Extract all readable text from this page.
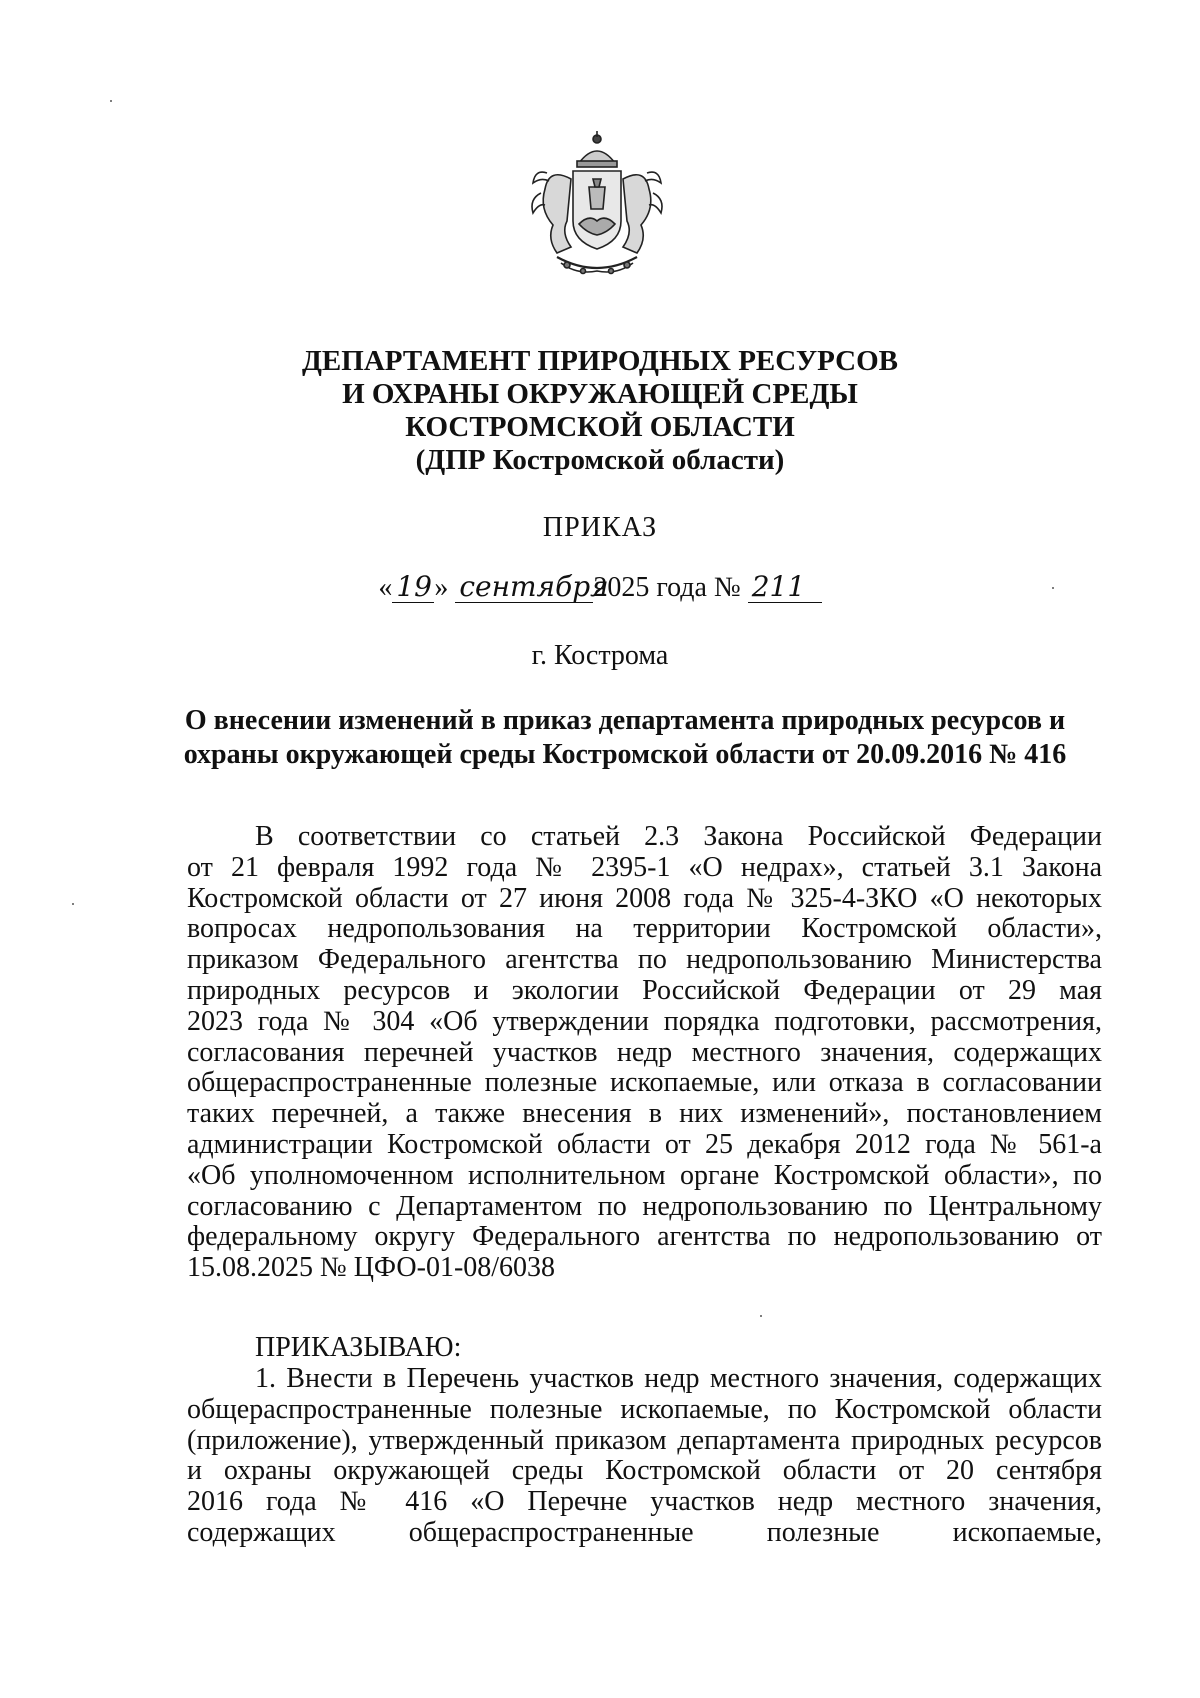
ДЕПАРТАМЕНТ ПРИРОДНЫХ РЕСУРСОВ
И ОХРАНЫ ОКРУЖАЮЩЕЙ СРЕДЫ
КОСТРОМСКОЙ ОБЛАСТИ
(ДПР Костромской области)
ПРИКАЗ
« 19» сентября2025 года № 211
г. Кострома
О внесении изменений в приказ департамента природных ресурсов и
охраны окружающей среды Костромской области от 20.09.2016 № 416
В соответствии со статьей 2.3 Закона Российской Федерации
от 21 февраля 1992 года № 2395-1 «О недрах», статьей 3.1 Закона
Костромской области от 27 июня 2008 года № 325-4-ЗКО «О некоторых
вопросах недропользования на территории Костромской области»,
приказом Федерального агентства по недропользованию Министерства
природных ресурсов и экологии Российской Федерации от 29 мая
2023 года № 304 «Об утверждении порядка подготовки, рассмотрения,
согласования перечней участков недр местного значения, содержащих
общераспространенные полезные ископаемые, или отказа в согласовании
таких перечней, а также внесения в них изменений», постановлением
администрации Костромской области от 25 декабря 2012 года № 561-а
«Об уполномоченном исполнительном органе Костромской области», по
согласованию с Департаментом по недропользованию по Центральному
федеральному округу Федерального агентства по недропользованию от
15.08.2025 № ЦФО-01-08/6038
ПРИКАЗЫВАЮ:
1. Внести в Перечень участков недр местного значения, содержащих
общераспространенные полезные ископаемые, по Костромской области
(приложение), утвержденный приказом департамента природных ресурсов
и охраны окружающей среды Костромской области от 20 сентября
2016 года № 416 «О Перечне участков недр местного значения,
содержащих общераспространенные полезные ископаемые,
